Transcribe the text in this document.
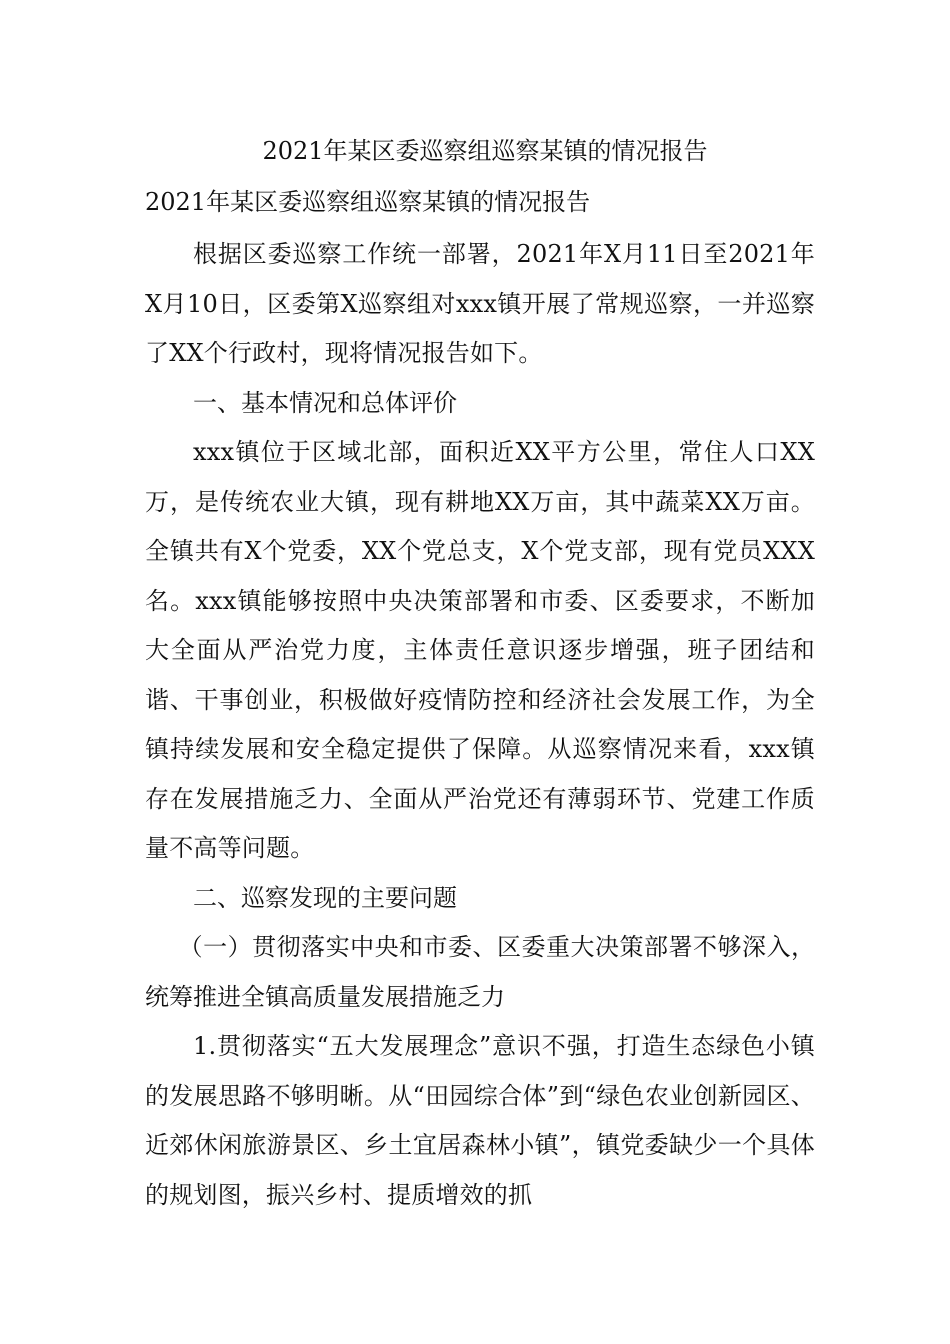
2021年某区委巡察组巡察某镇的情况报告

2021年某区委巡察组巡察某镇的情况报告

根据区委巡察工作统一部署，2021年X月11日至2021年X月10日，区委第X巡察组对xxx镇开展了常规巡察，一并巡察了XX个行政村，现将情况报告如下。

一、基本情况和总体评价

xxx镇位于区域北部，面积近XX平方公里，常住人口XX万，是传统农业大镇，现有耕地XX万亩，其中蔬菜XX万亩。全镇共有X个党委，XX个党总支，X个党支部，现有党员XXX名。xxx镇能够按照中央决策部署和市委、区委要求，不断加大全面从严治党力度，主体责任意识逐步增强，班子团结和谐、干事创业，积极做好疫情防控和经济社会发展工作，为全镇持续发展和安全稳定提供了保障。从巡察情况来看，xxx镇存在发展措施乏力、全面从严治党还有薄弱环节、党建工作质量不高等问题。

二、巡察发现的主要问题

（一）贯彻落实中央和市委、区委重大决策部署不够深入，统筹推进全镇高质量发展措施乏力

1.贯彻落实“五大发展理念”意识不强，打造生态绿色小镇的发展思路不够明晰。从“田园综合体”到“绿色农业创新园区、近郊休闲旅游景区、乡土宜居森林小镇”，镇党委缺少一个具体的规划图，振兴乡村、提质增效的抓
